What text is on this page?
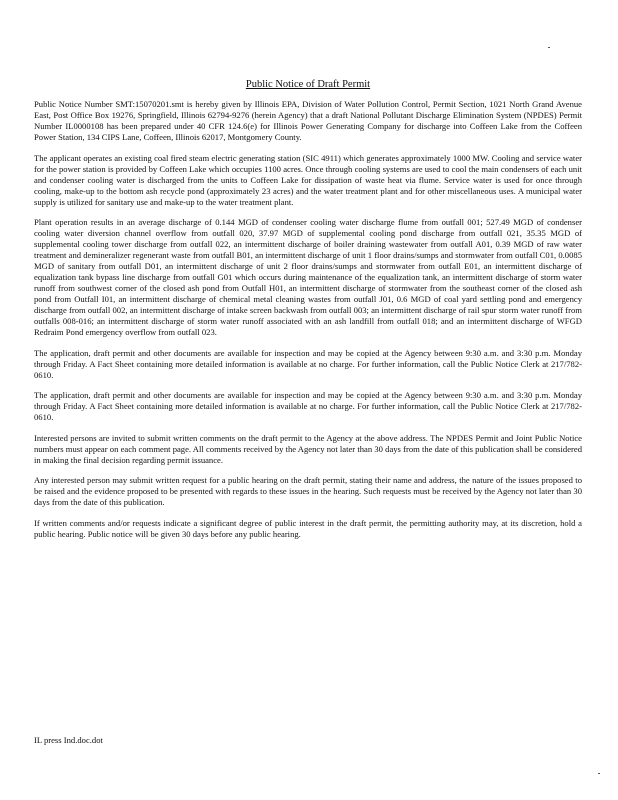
Public Notice of Draft Permit

Public Notice Number SMT:15070201.smt is hereby given by Illinois EPA, Division of Water Pollution Control, Permit Section, 1021 North Grand Avenue East, Post Office Box 19276, Springfield, Illinois 62794-9276 (herein Agency) that a draft National Pollutant Discharge Elimination System (NPDES) Permit Number IL0000108 has been prepared under 40 CFR 124.6(e) for Illinois Power Generating Company for discharge into Coffeen Lake from the Coffeen Power Station, 134 CIPS Lane, Coffeen, Illinois 62017, Montgomery County.

The applicant operates an existing coal fired steam electric generating station (SIC 4911) which generates approximately 1000 MW. Cooling and service water for the power station is provided by Coffeen Lake which occupies 1100 acres. Once through cooling systems are used to cool the main condensers of each unit and condenser cooling water is discharged from the units to Coffeen Lake for dissipation of waste heat via flume. Service water is used for once through cooling, make-up to the bottom ash recycle pond (approximately 23 acres) and the water treatment plant and for other miscellaneous uses. A municipal water supply is utilized for sanitary use and make-up to the water treatment plant.

Plant operation results in an average discharge of 0.144 MGD of condenser cooling water discharge flume from outfall 001; 527.49 MGD of condenser cooling water diversion channel overflow from outfall 020, 37.97 MGD of supplemental cooling pond discharge from outfall 021, 35.35 MGD of supplemental cooling tower discharge from outfall 022, an intermittent discharge of boiler draining wastewater from outfall A01, 0.39 MGD of raw water treatment and demineralizer regenerant waste from outfall B01, an intermittent discharge of unit 1 floor drains/sumps and stormwater from outfall C01, 0.0085 MGD of sanitary from outfall D01, an intermittent discharge of unit 2 floor drains/sumps and stormwater from outfall E01, an intermittent discharge of equalization tank bypass line discharge from outfall G01 which occurs during maintenance of the equalization tank, an intermittent discharge of storm water runoff from southwest corner of the closed ash pond from Outfall H01, an intermittent discharge of stormwater from the southeast corner of the closed ash pond from Outfall I01, an intermittent discharge of chemical metal cleaning wastes from outfall J01, 0.6 MGD of coal yard settling pond and emergency discharge from outfall 002, an intermittent discharge of intake screen backwash from outfall 003; an intermittent discharge of rail spur storm water runoff from outfalls 008-016; an intermittent discharge of storm water runoff associated with an ash landfill from outfall 018; and an intermittent discharge of WFGD Redraim Pond emergency overflow from outfall 023.

The application, draft permit and other documents are available for inspection and may be copied at the Agency between 9:30 a.m. and 3:30 p.m. Monday through Friday. A Fact Sheet containing more detailed information is available at no charge. For further information, call the Public Notice Clerk at 217/782-0610.

The application, draft permit and other documents are available for inspection and may be copied at the Agency between 9:30 a.m. and 3:30 p.m. Monday through Friday. A Fact Sheet containing more detailed information is available at no charge. For further information, call the Public Notice Clerk at 217/782-0610.

Interested persons are invited to submit written comments on the draft permit to the Agency at the above address. The NPDES Permit and Joint Public Notice numbers must appear on each comment page. All comments received by the Agency not later than 30 days from the date of this publication shall be considered in making the final decision regarding permit issuance.

Any interested person may submit written request for a public hearing on the draft permit, stating their name and address, the nature of the issues proposed to be raised and the evidence proposed to be presented with regards to these issues in the hearing. Such requests must be received by the Agency not later than 30 days from the date of this publication.

If written comments and/or requests indicate a significant degree of public interest in the draft permit, the permitting authority may, at its discretion, hold a public hearing. Public notice will be given 30 days before any public hearing.

IL press Ind.doc.dot
